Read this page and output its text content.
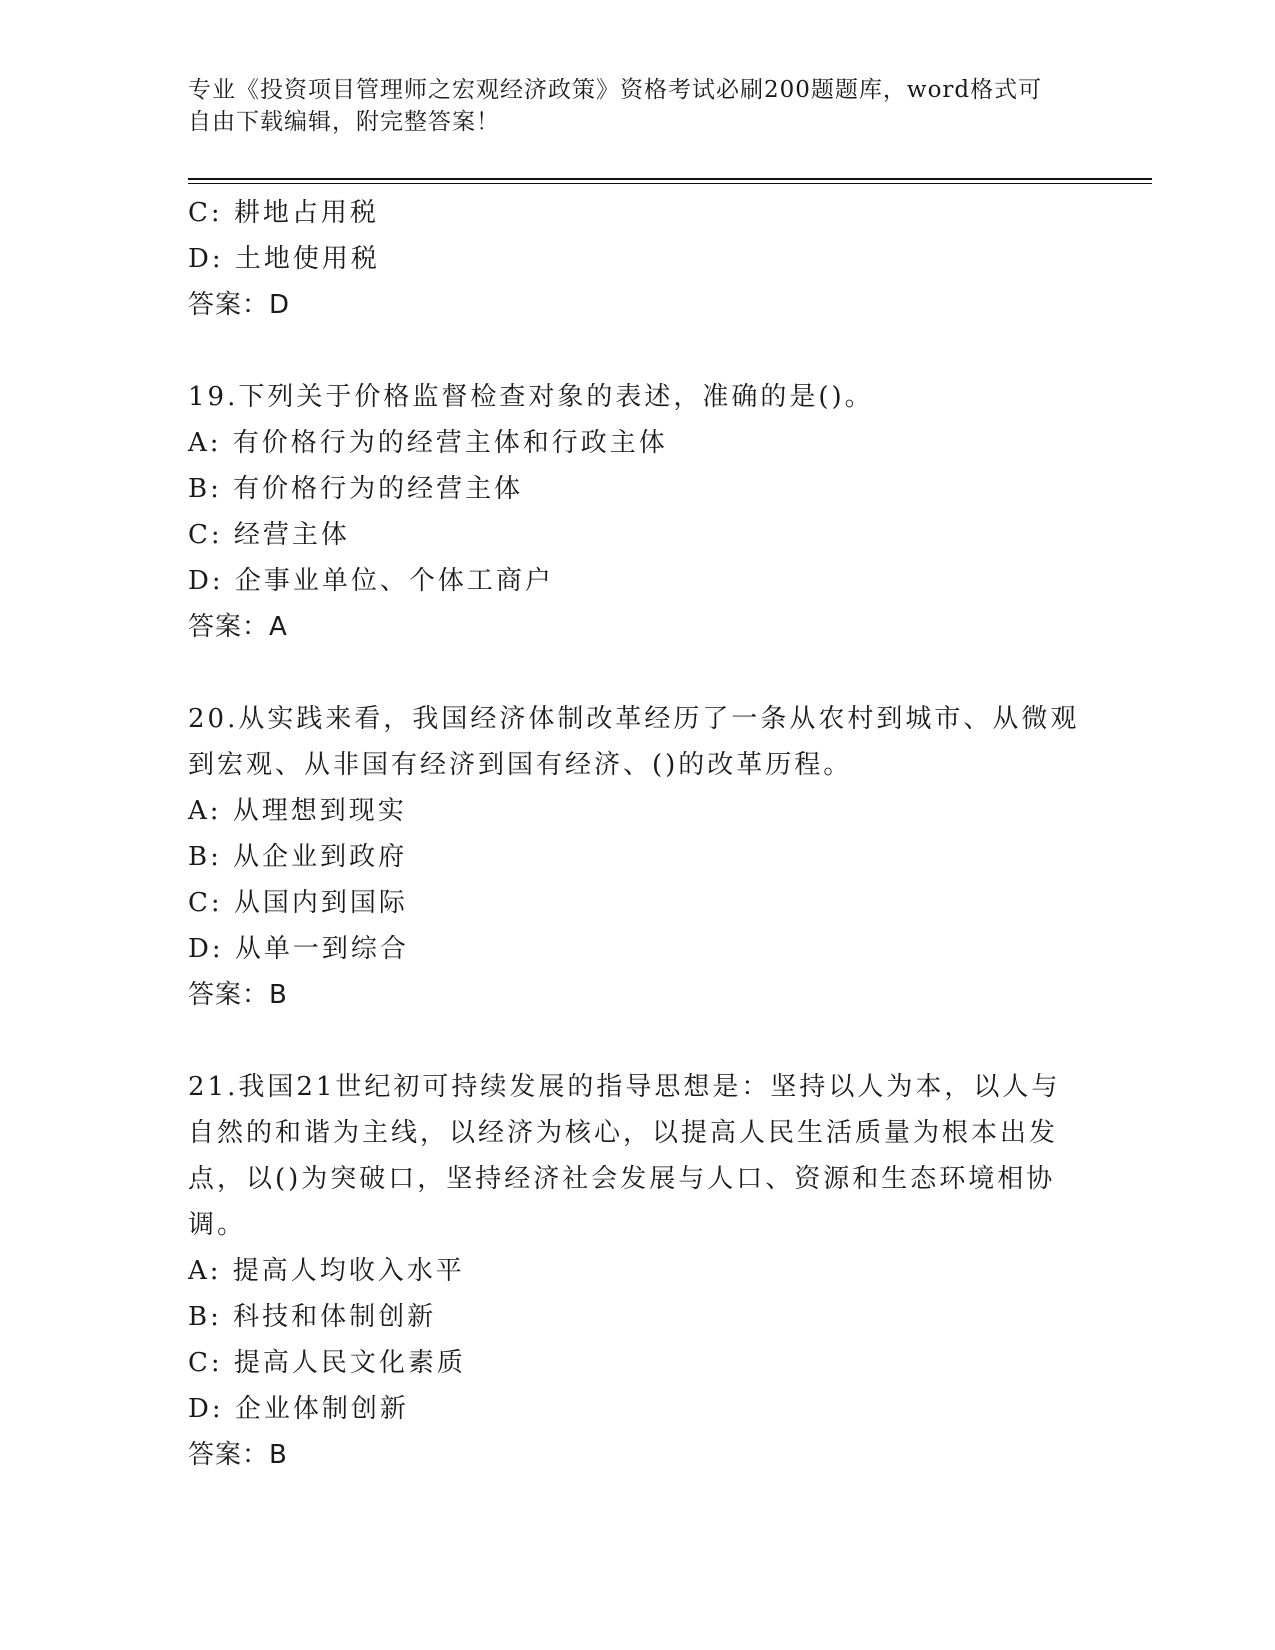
专业《投资项目管理师之宏观经济政策》资格考试必刷200题题库，word格式可
自由下载编辑，附完整答案！
C: 耕地占用税
D: 土地使用税
答案：D
19.下列关于价格监督检查对象的表述，准确的是()。
A: 有价格行为的经营主体和行政主体
B: 有价格行为的经营主体
C: 经营主体
D: 企事业单位、个体工商户
答案：A
20.从实践来看，我国经济体制改革经历了一条从农村到城市、从微观
到宏观、从非国有经济到国有经济、()的改革历程。
A: 从理想到现实
B: 从企业到政府
C: 从国内到国际
D: 从单一到综合
答案：B
21.我国21世纪初可持续发展的指导思想是：坚持以人为本，以人与
自然的和谐为主线，以经济为核心，以提高人民生活质量为根本出发
点，以()为突破口，坚持经济社会发展与人口、资源和生态环境相协
调。
A: 提高人均收入水平
B: 科技和体制创新
C: 提高人民文化素质
D: 企业体制创新
答案：B
